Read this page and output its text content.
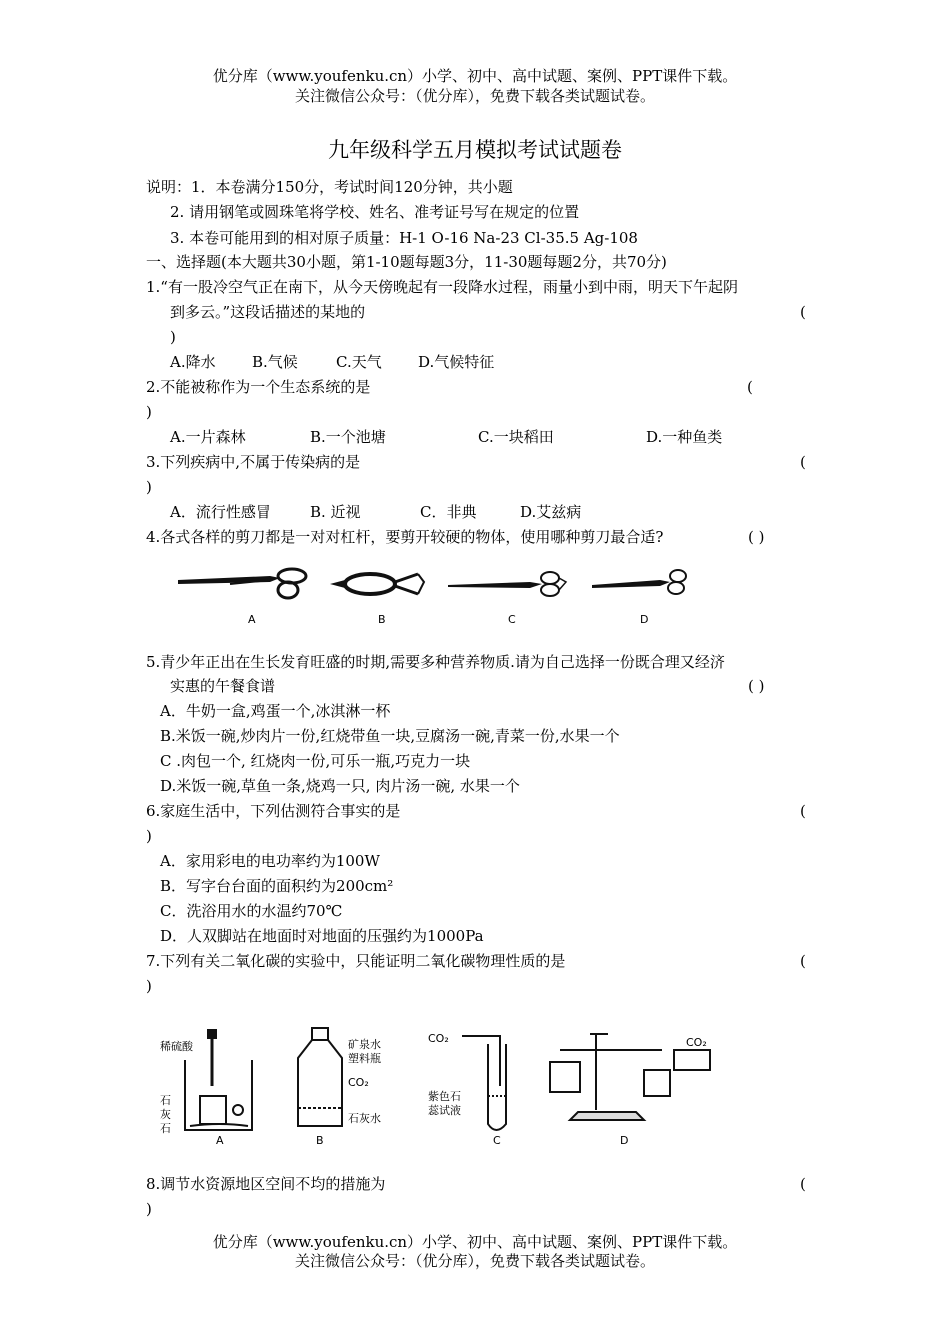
优分库（www.youfenku.cn）小学、初中、高中试题、案例、PPT课件下载。
关注微信公众号：（优分库），免费下载各类试题试卷。
九年级科学五月模拟考试试题卷
说明：1．本卷满分150分，考试时间120分钟，共小题
2. 请用钢笔或圆珠笔将学校、姓名、准考证号写在规定的位置
3. 本卷可能用到的相对原子质量：H-1 O-16 Na-23 Cl-35.5 Ag-108
一、选择题(本大题共30小题，第1-10题每题3分，11-30题每题2分，共70分)
1.“有一股冷空气正在南下，从今天傍晚起有一段降水过程，雨量小到中雨，明天下午起阴
到多云。”这段话描述的某地的	(
)
A.降水 B.气候	C.天气 D.气候特征
2.不能被称作为一个生态系统的是	(
)
A.一片森林	B.一个池塘	C.一块稻田	D.一种鱼类
3.下列疾病中,不属于传染病的是	(
)
A．流行性感冒	B. 近视	C．非典	D.艾兹病
4.各式各样的剪刀都是一对对杠杆，要剪开较硬的物体，使用哪种剪刀最合适?	( )
A	B	C	D
5.青少年正出在生长发育旺盛的时期,需要多种营养物质.请为自己选择一份既合理又经济
实惠的午餐食谱	( )
A．牛奶一盒,鸡蛋一个,冰淇淋一杯
B.米饭一碗,炒肉片一份,红烧带鱼一块,豆腐汤一碗,青菜一份,水果一个
C .肉包一个, 红烧肉一份,可乐一瓶,巧克力一块
D.米饭一碗,草鱼一条,烧鸡一只, 肉片汤一碗, 水果一个
6.家庭生活中，下列估测符合事实的是	(
)
A．家用彩电的电功率约为100W
B．写字台台面的面积约为200cm²
C．洗浴用水的水温约70℃
D．人双脚站在地面时对地面的压强约为1000Pa
7.下列有关二氧化碳的实验中，只能证明二氧化碳物理性质的是	(
)
稀硫酸
石
灰
石
A
矿泉水
塑料瓶
CO₂
石灰水
B
CO₂
紫色石
蕊试液
C
CO₂
D
8.调节水资源地区空间不均的措施为	(
)
优分库（www.youfenku.cn）小学、初中、高中试题、案例、PPT课件下载。
关注微信公众号：（优分库），免费下载各类试题试卷。
